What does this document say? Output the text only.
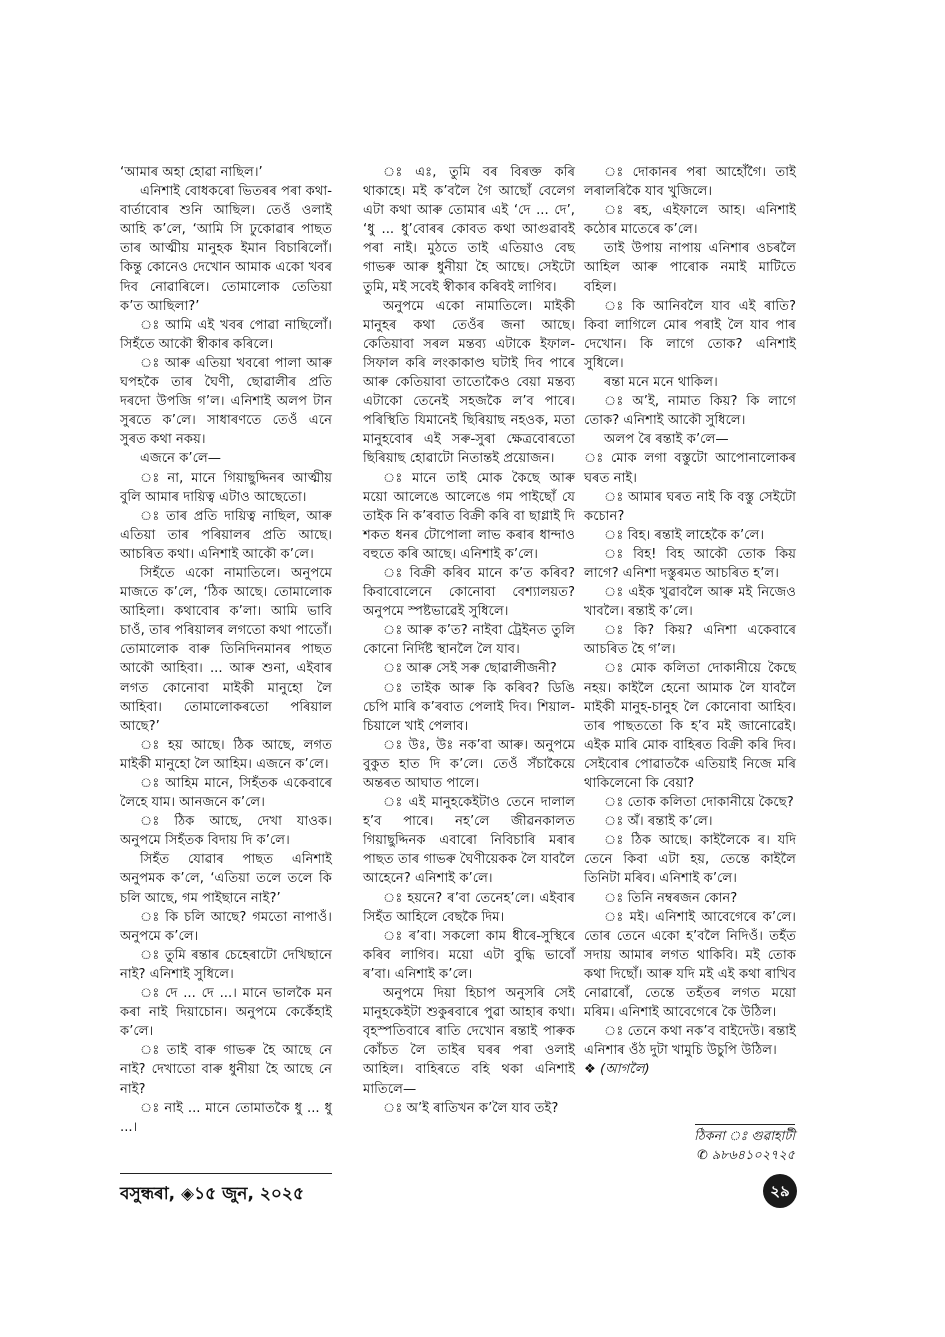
‘আমাৰ অহা হোৱা নাছিল।’

এনিশাই বোধকৰো ভিতৰৰ পৰা কথা-বাৰ্তাবোৰ শুনি আছিল। তেওঁ ওলাই আহি ক’লে, ‘আমি সি ঢুকোৱাৰ পাছত তাৰ আত্মীয় মানুহক ইমান বিচাৰিলোঁ। কিন্তু কোনেও দেখোন আমাক একো খবৰ দিব নোৱাৰিলে। তোমালোক তেতিয়া ক’ত আছিলা?’

ঃ আমি এই খবৰ পোৱা নাছিলোঁ। সিহঁতে আকৌ স্বীকাৰ কৰিলে।

ঃ আৰু এতিয়া খবৰো পালা আৰু ঘপহকৈ তাৰ ঘৈণী, ছোৱালীৰ প্ৰতি দৰদো উপজি গ’ল। এনিশাই অলপ টান সুৰতে ক’লে। সাধাৰণতে তেওঁ এনে সুৰত কথা নকয়।

এজনে ক’লে—

ঃ না, মানে গিয়াছুদ্দিনৰ আত্মীয় বুলি আমাৰ দায়িত্ব এটাও আছেতো।

ঃ তাৰ প্ৰতি দায়িত্ব নাছিল, আৰু এতিয়া তাৰ পৰিয়ালৰ প্ৰতি আছে। আচৰিত কথা। এনিশাই আকৌ ক’লে।

সিহঁতে একো নামাতিলে। অনুপমে মাজতে ক’লে, ‘ঠিক আছে। তোমালোক আহিলা। কথাবোৰ ক’লা। আমি ভাবি চাওঁ, তাৰ পৰিয়ালৰ লগতো কথা পাতোঁ। তোমালোক বাৰু তিনিদিনমানৰ পাছত আকৌ আহিবা। ... আৰু শুনা, এইবাৰ লগত কোনোবা মাইকী মানুহো লৈ আহিবা। তোমালোকৰতো পৰিয়াল আছে?’

ঃ হয় আছে। ঠিক আছে, লগত মাইকী মানুহো লৈ আহিম। এজনে ক’লে।

ঃ আহিম মানে, সিহঁতক একেবাৰে লৈহে যাম। আনজনে ক’লে।

ঃ ঠিক আছে, দেখা যাওক। অনুপমে সিহঁতক বিদায় দি ক’লে।

সিহঁত যোৱাৰ পাছত এনিশাই অনুপমক ক’লে, ‘এতিয়া তলে তলে কি চলি আছে, গম পাইছানে নাই?’

ঃ কি চলি আছে? গমতো নাপাওঁ। অনুপমে ক’লে।

ঃ তুমি ৰন্তাৰ চেহেৰাটো দেখিছানে নাই? এনিশাই সুধিলে।

ঃ দে ... দে ...। মানে ভালকৈ মন কৰা নাই দিয়াচোন। অনুপমে কেৰ্কেঁহাই ক’লে।

ঃ তাই বাৰু গাভৰু হৈ আছে নে নাই? দেখাতো বাৰু ধুনীয়া হৈ আছে নে নাই?

ঃ নাই ... মানে তোমাতকৈ ধু ... ধু ...।

ঃ এঃ, তুমি বৰ বিৰক্ত কৰি থাকাহে। মই ক’বলৈ গৈ আছোঁ বেলেগ এটা কথা আৰু তোমাৰ এই ‘দে ... দে’, ‘ধু ... ধু’বোৰৰ কোবত কথা আগুৱাবই পৰা নাই। মুঠতে তাই এতিয়াও বেছ গাভৰু আৰু ধুনীয়া হৈ আছে। সেইটো তুমি, মই সবেই স্বীকাৰ কৰিবই লাগিব।

অনুপমে একো নামাতিলে। মাইকী মানুহৰ কথা তেওঁৰ জনা আছে। কেতিয়াবা সৰল মন্তব্য এটাকে ইফাল-সিফাল কৰি লংকাকাণ্ড ঘটাই দিব পাৰে আৰু কেতিয়াবা তাতোকৈও বেয়া মন্তব্য এটাকো তেনেই সহজকৈ ল’ব পাৰে। পৰিস্থিতি যিমানেই ছিৰিয়াছ নহওক, মতা মানুহবোৰ এই সৰু-সুৰা ক্ষেত্ৰবোৰতো ছিৰিয়াছ হোৱাটো নিতান্তই প্ৰয়োজন।

ঃ মানে তাই মোক কৈছে আৰু ময়ো আলেঙে আলেঙে গম পাইছোঁ যে তাইক নি ক’ৰবাত বিক্ৰী কৰি বা ছাগ্লাই দি শকত ধনৰ টোপোলা লাভ কৰাৰ ধান্দাও বহুতে কৰি আছে। এনিশাই ক’লে।

ঃ বিক্ৰী কৰিব মানে ক’ত কৰিব? কিবাবোলেনে কোনোবা বেশ্যালয়ত? অনুপমে স্পষ্টভাৱেই সুধিলে।

ঃ আৰু ক’ত? নাইবা ট্ৰেইনত তুলি কোনো নিৰ্দিষ্ট স্থানলৈ লৈ যাব।

ঃ আৰু সেই সৰু ছোৱালীজনী?

ঃ তাইক আৰু কি কৰিব? ডিঙি চেপি মাৰি ক’ৰবাত পেলাই দিব। শিয়াল-চিয়ালে খাই পেলাব।

ঃ উঃ, উঃ নক’বা আৰু। অনুপমে বুকুত হাত দি ক’লে। তেওঁ সঁচাকৈয়ে অন্তৰত আঘাত পালে।

ঃ এই মানুহকেইটাও তেনে দালাল হ’ব পাৰে। নহ’লে জীৱনকালত গিয়াছুদ্দিনক এবাৰো নিবিচাৰি মৰাৰ পাছত তাৰ গাভৰু ঘৈণীয়েকক লৈ যাবলৈ আহেনে? এনিশাই ক’লে।

ঃ হয়নে? ৰ’বা তেনেহ’লে। এইবাৰ সিহঁত আহিলে বেছকৈ দিম।

ঃ ৰ’বা। সকলো কাম ধীৰে-সুস্থিৰে কৰিব লাগিব। ময়ো এটা বুদ্ধি ভাবোঁ ৰ’বা। এনিশাই ক’লে।

অনুপমে দিয়া হিচাপ অনুসৰি সেই মানুহকেইটা শুকুৰবাৰে পুৱা আহাৰ কথা। বৃহস্পতিবাৰে ৰাতি দেখোন ৰন্তাই পাৰুক কোঁচত লৈ তাইৰ ঘৰৰ পৰা ওলাই আহিল। বাহিৰতে বহি থকা এনিশাই মাতিলে—

ঃ অ’ই ৰাতিখন ক’লৈ যাব তই?

ঃ দোকানৰ পৰা আহোঁগৈ। তাই লৰালৰিকৈ যাব খুজিলে।

ঃ ৰহ, এইফালে আহ। এনিশাই কঠোৰ মাতেৰে ক’লে।

তাই উপায় নাপায় এনিশাৰ ওচৰলৈ আহিল আৰু পাৰোক নমাই মাটিতে বহিল।

ঃ কি আনিবলৈ যাব এই ৰাতি? কিবা লাগিলে মোৰ পৰাই লৈ যাব পাৰ দেখোন। কি লাগে তোক? এনিশাই সুধিলে।

ৰন্তা মনে মনে থাকিল।

ঃ অ’ই, নামাত কিয়? কি লাগে তোক? এনিশাই আকৌ সুধিলে।

অলপ ৰৈ ৰন্তাই ক’লে—

ঃ মোক লগা বস্তুটো আপোনালোকৰ ঘৰত নাই।

ঃ আমাৰ ঘৰত নাই কি বস্তু সেইটো কচোন?

ঃ বিহ। ৰন্তাই লাহেকৈ ক’লে।

ঃ বিহ! বিহ আকৌ তোক কিয় লাগে? এনিশা দস্তুৰমত আচৰিত হ’ল।

ঃ এইক খুৱাবলৈ আৰু মই নিজেও খাবলৈ। ৰন্তাই ক’লে।

ঃ কি? কিয়? এনিশা একেবাৰে আচৰিত হৈ গ’ল।

ঃ মোক কলিতা দোকানীয়ে কৈছে নহয়। কাইলৈ হেনো আমাক লৈ যাবলৈ মাইকী মানুহ-চানুহ লৈ কোনোবা আহিব। তাৰ পাছততো কি হ’ব মই জানোৱেই। এইক মাৰি মোক বাহিৰত বিক্ৰী কৰি দিব। সেইবোৰ পোৱাতকৈ এতিয়াই নিজে মৰি থাকিলেনো কি বেয়া?

ঃ তোক কলিতা দোকানীয়ে কৈছে?

ঃ অঁ। ৰন্তাই ক’লে।

ঃ ঠিক আছে। কাইলৈকে ৰ। যদি তেনে কিবা এটা হয়, তেন্তে কাইলৈ তিনিটা মৰিব। এনিশাই ক’লে।

ঃ তিনি নম্বৰজন কোন?

ঃ মই। এনিশাই আবেগেৰে ক’লে। তোৰ তেনে একো হ’বলৈ নিদিওঁ। তহঁত সদায় আমাৰ লগত থাকিবি। মই তোক কথা দিছোঁ। আৰু যদি মই এই কথা ৰাখিব নোৱাৰোঁ, তেন্তে তহঁতৰ লগত ময়ো মৰিম। এনিশাই আবেগেৰে কৈ উঠিল।

ঃ তেনে কথা নক’ব বাইদেউ। ৰন্তাই এনিশাৰ ওঁঠ দুটা খামুচি উচুপি উঠিল।

❖ (আগলৈ)

ঠিকনা ঃ গুৱাহাটী
✆ ৯৮৬৪১০২৭২৫
বসুন্ধৰা, ◈১৫ জুন, ২০২৫	২৯
